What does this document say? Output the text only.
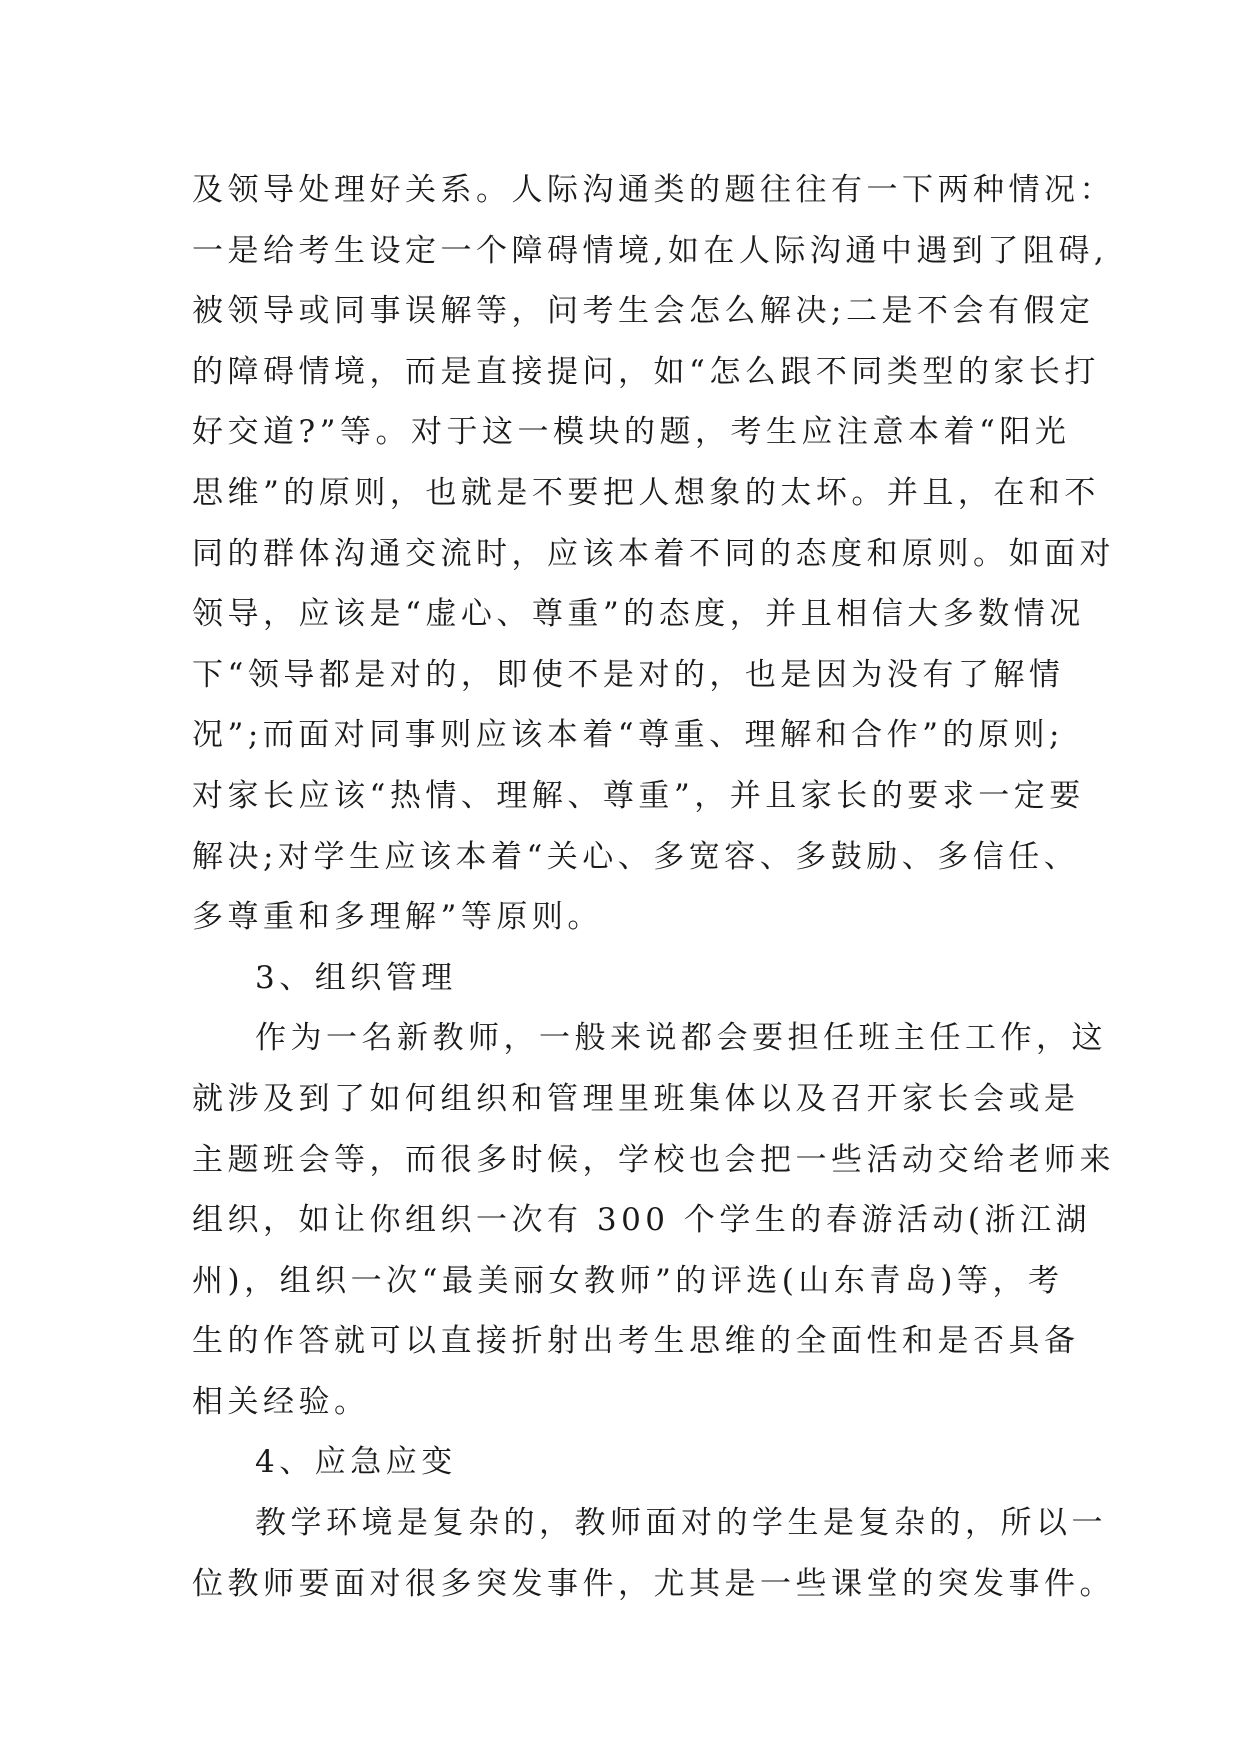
及领导处理好关系。人际沟通类的题往往有一下两种情况：
一是给考生设定一个障碍情境,如在人际沟通中遇到了阻碍,
被领导或同事误解等，问考生会怎么解决;二是不会有假定
的障碍情境，而是直接提问，如“怎么跟不同类型的家长打
好交道?”等。对于这一模块的题，考生应注意本着“阳光
思维”的原则，也就是不要把人想象的太坏。并且，在和不
同的群体沟通交流时，应该本着不同的态度和原则。如面对
领导，应该是“虚心、尊重”的态度，并且相信大多数情况
下“领导都是对的，即使不是对的，也是因为没有了解情
况”;而面对同事则应该本着“尊重、理解和合作”的原则;
对家长应该“热情、理解、尊重”，并且家长的要求一定要
解决;对学生应该本着“关心、多宽容、多鼓励、多信任、
多尊重和多理解”等原则。
3、组织管理
作为一名新教师，一般来说都会要担任班主任工作，这
就涉及到了如何组织和管理里班集体以及召开家长会或是
主题班会等，而很多时候，学校也会把一些活动交给老师来
组织，如让你组织一次有 300 个学生的春游活动(浙江湖
州)，组织一次“最美丽女教师”的评选(山东青岛)等，考
生的作答就可以直接折射出考生思维的全面性和是否具备
相关经验。
4、应急应变
教学环境是复杂的，教师面对的学生是复杂的，所以一
位教师要面对很多突发事件，尤其是一些课堂的突发事件。
